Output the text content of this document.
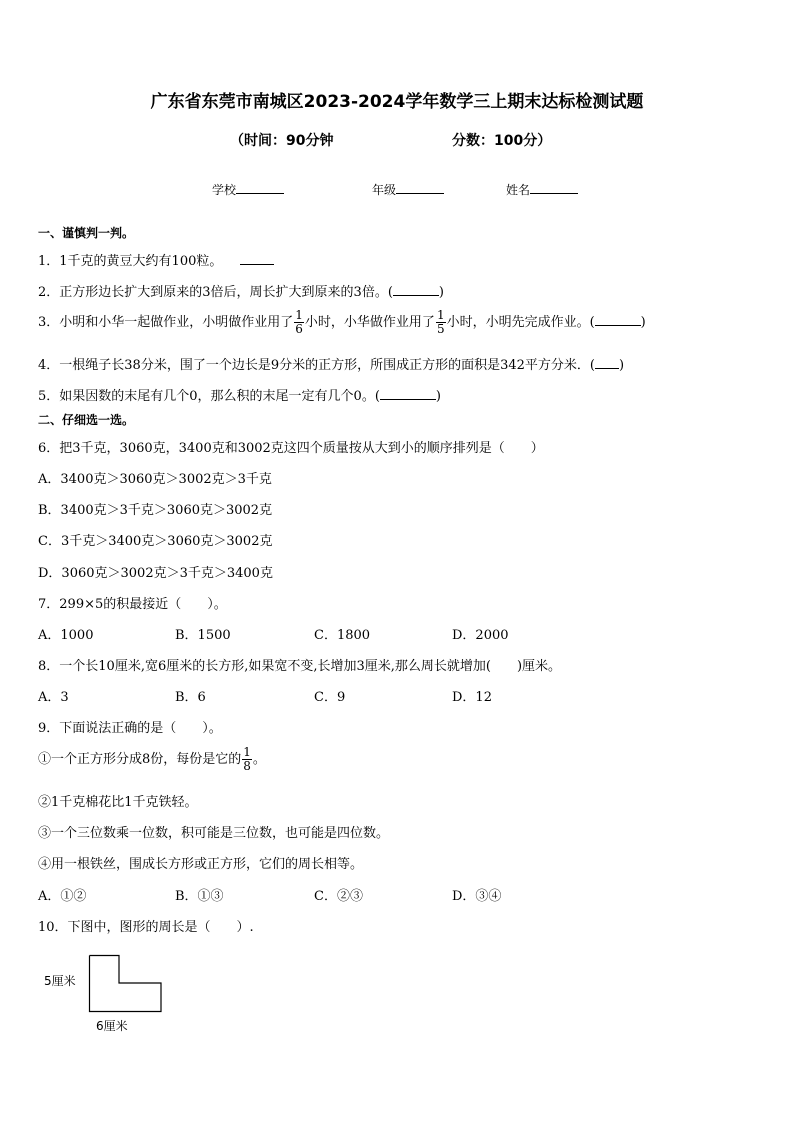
广东省东莞市南城区2023-2024学年数学三上期末达标检测试题
（时间：90分钟	分数：100分）
学校	年级	姓名
一、谨慎判一判。
1．1千克的黄豆大约有100粒。
2．正方形边长扩大到原来的3倍后，周长扩大到原来的3倍。(	)
3．小明和小华一起做作业，小明做作业用了 $\frac{1}{6}$ 小时，小华做作业用了 $\frac{1}{5}$ 小时，小明先完成作业。(	)
4．一根绳子长38分米，围了一个边长是9分米的正方形，所围成正方形的面积是342平方分米．( )
5．如果因数的末尾有几个0，那么积的末尾一定有几个0。(	)
二、仔细选一选。
6．把3千克，3060克，3400克和3002克这四个质量按从大到小的顺序排列是（　　）
A．3400克＞3060克＞3002克＞3千克
B．3400克＞3千克＞3060克＞3002克
C．3千克＞3400克＞3060克＞3002克
D．3060克＞3002克＞3千克＞3400克
7．299×5的积最接近（　　）。
A．1000	B．1500	C．1800	D．2000
8．一个长10厘米,宽6厘米的长方形,如果宽不变,长增加3厘米,那么周长就增加(　　)厘米。
A．3	B．6	C．9	D．12
9．下面说法正确的是（　　）。
①一个正方形分成8份，每份是它的 $\frac{1}{8}$ 。
②1千克棉花比1千克铁轻。
③一个三位数乘一位数，积可能是三位数，也可能是四位数。
④用一根铁丝，围成长方形或正方形，它们的周长相等。
A．①②	B．①③	C．②③	D．③④
10．下图中，图形的周长是（　　）.
5厘米
6厘米
